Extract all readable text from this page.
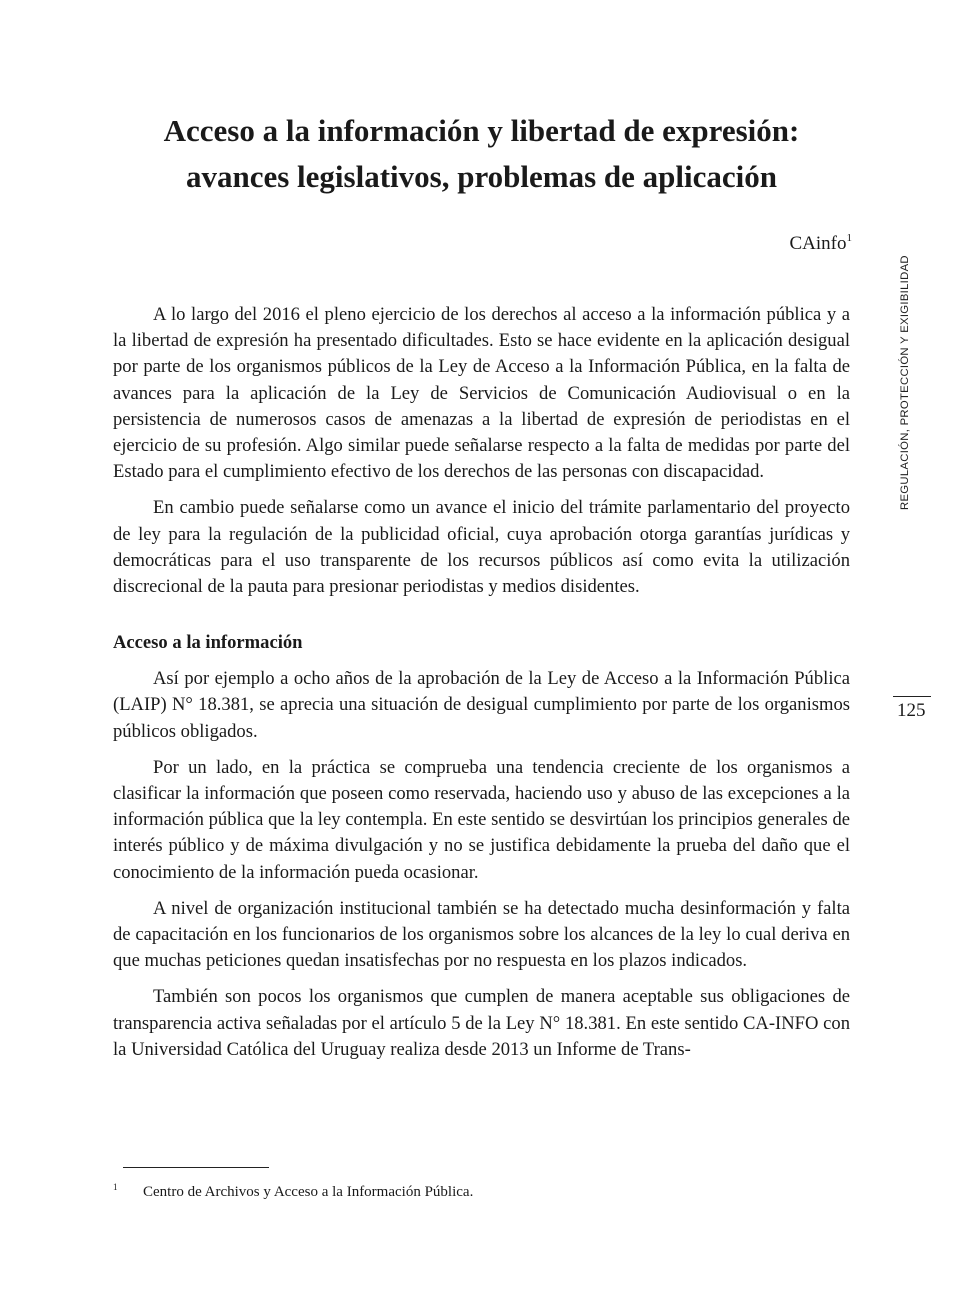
Acceso a la información y libertad de expresión:
avances legislativos, problemas de aplicación
CAinfo$^1$

A lo largo del 2016 el pleno ejercicio de los derechos al acceso a la información pública y a la libertad de expresión ha presentado dificultades. Esto se hace evidente en la aplicación desigual por parte de los organismos públicos de la Ley de Acceso a la Información Pública, en la falta de avances para la aplicación de la Ley de Servicios de Comunicación Audiovisual o en la persistencia de numerosos casos de amenazas a la libertad de expresión de periodistas en el ejercicio de su profesión. Algo similar puede señalarse respecto a la falta de medidas por parte del Estado para el cumplimiento efectivo de los derechos de las personas con discapacidad.

En cambio puede señalarse como un avance el inicio del trámite parlamentario del proyecto de ley para la regulación de la publicidad oficial, cuya aprobación otorga garantías jurídicas y democráticas para el uso transparente de los recursos públicos así como evita la utilización discrecional de la pauta para presionar periodistas y medios disidentes.

Acceso a la información

Así por ejemplo a ocho años de la aprobación de la Ley de Acceso a la Información Pública (LAIP) N° 18.381, se aprecia una situación de desigual cumplimiento por parte de los organismos públicos obligados.

Por un lado, en la práctica se comprueba una tendencia creciente de los organismos a clasificar la información que poseen como reservada, haciendo uso y abuso de las excepciones a la información pública que la ley contempla. En este sentido se desvirtúan los principios generales de interés público y de máxima divulgación y no se justifica debidamente la prueba del daño que el conocimiento de la información pueda ocasionar.

A nivel de organización institucional también se ha detectado mucha desinformación y falta de capacitación en los funcionarios de los organismos sobre los alcances de la ley lo cual deriva en que muchas peticiones quedan insatisfechas por no respuesta en los plazos indicados.

También son pocos los organismos que cumplen de manera aceptable sus obligaciones de transparencia activa señaladas por el artículo 5 de la Ley N° 18.381. En este sentido CA-INFO con la Universidad Católica del Uruguay realiza desde 2013 un Informe de Trans-

REGULACIÓN, PROTECCIÓN Y EXIGIBILIDAD
125
1 Centro de Archivos y Acceso a la Información Pública.
